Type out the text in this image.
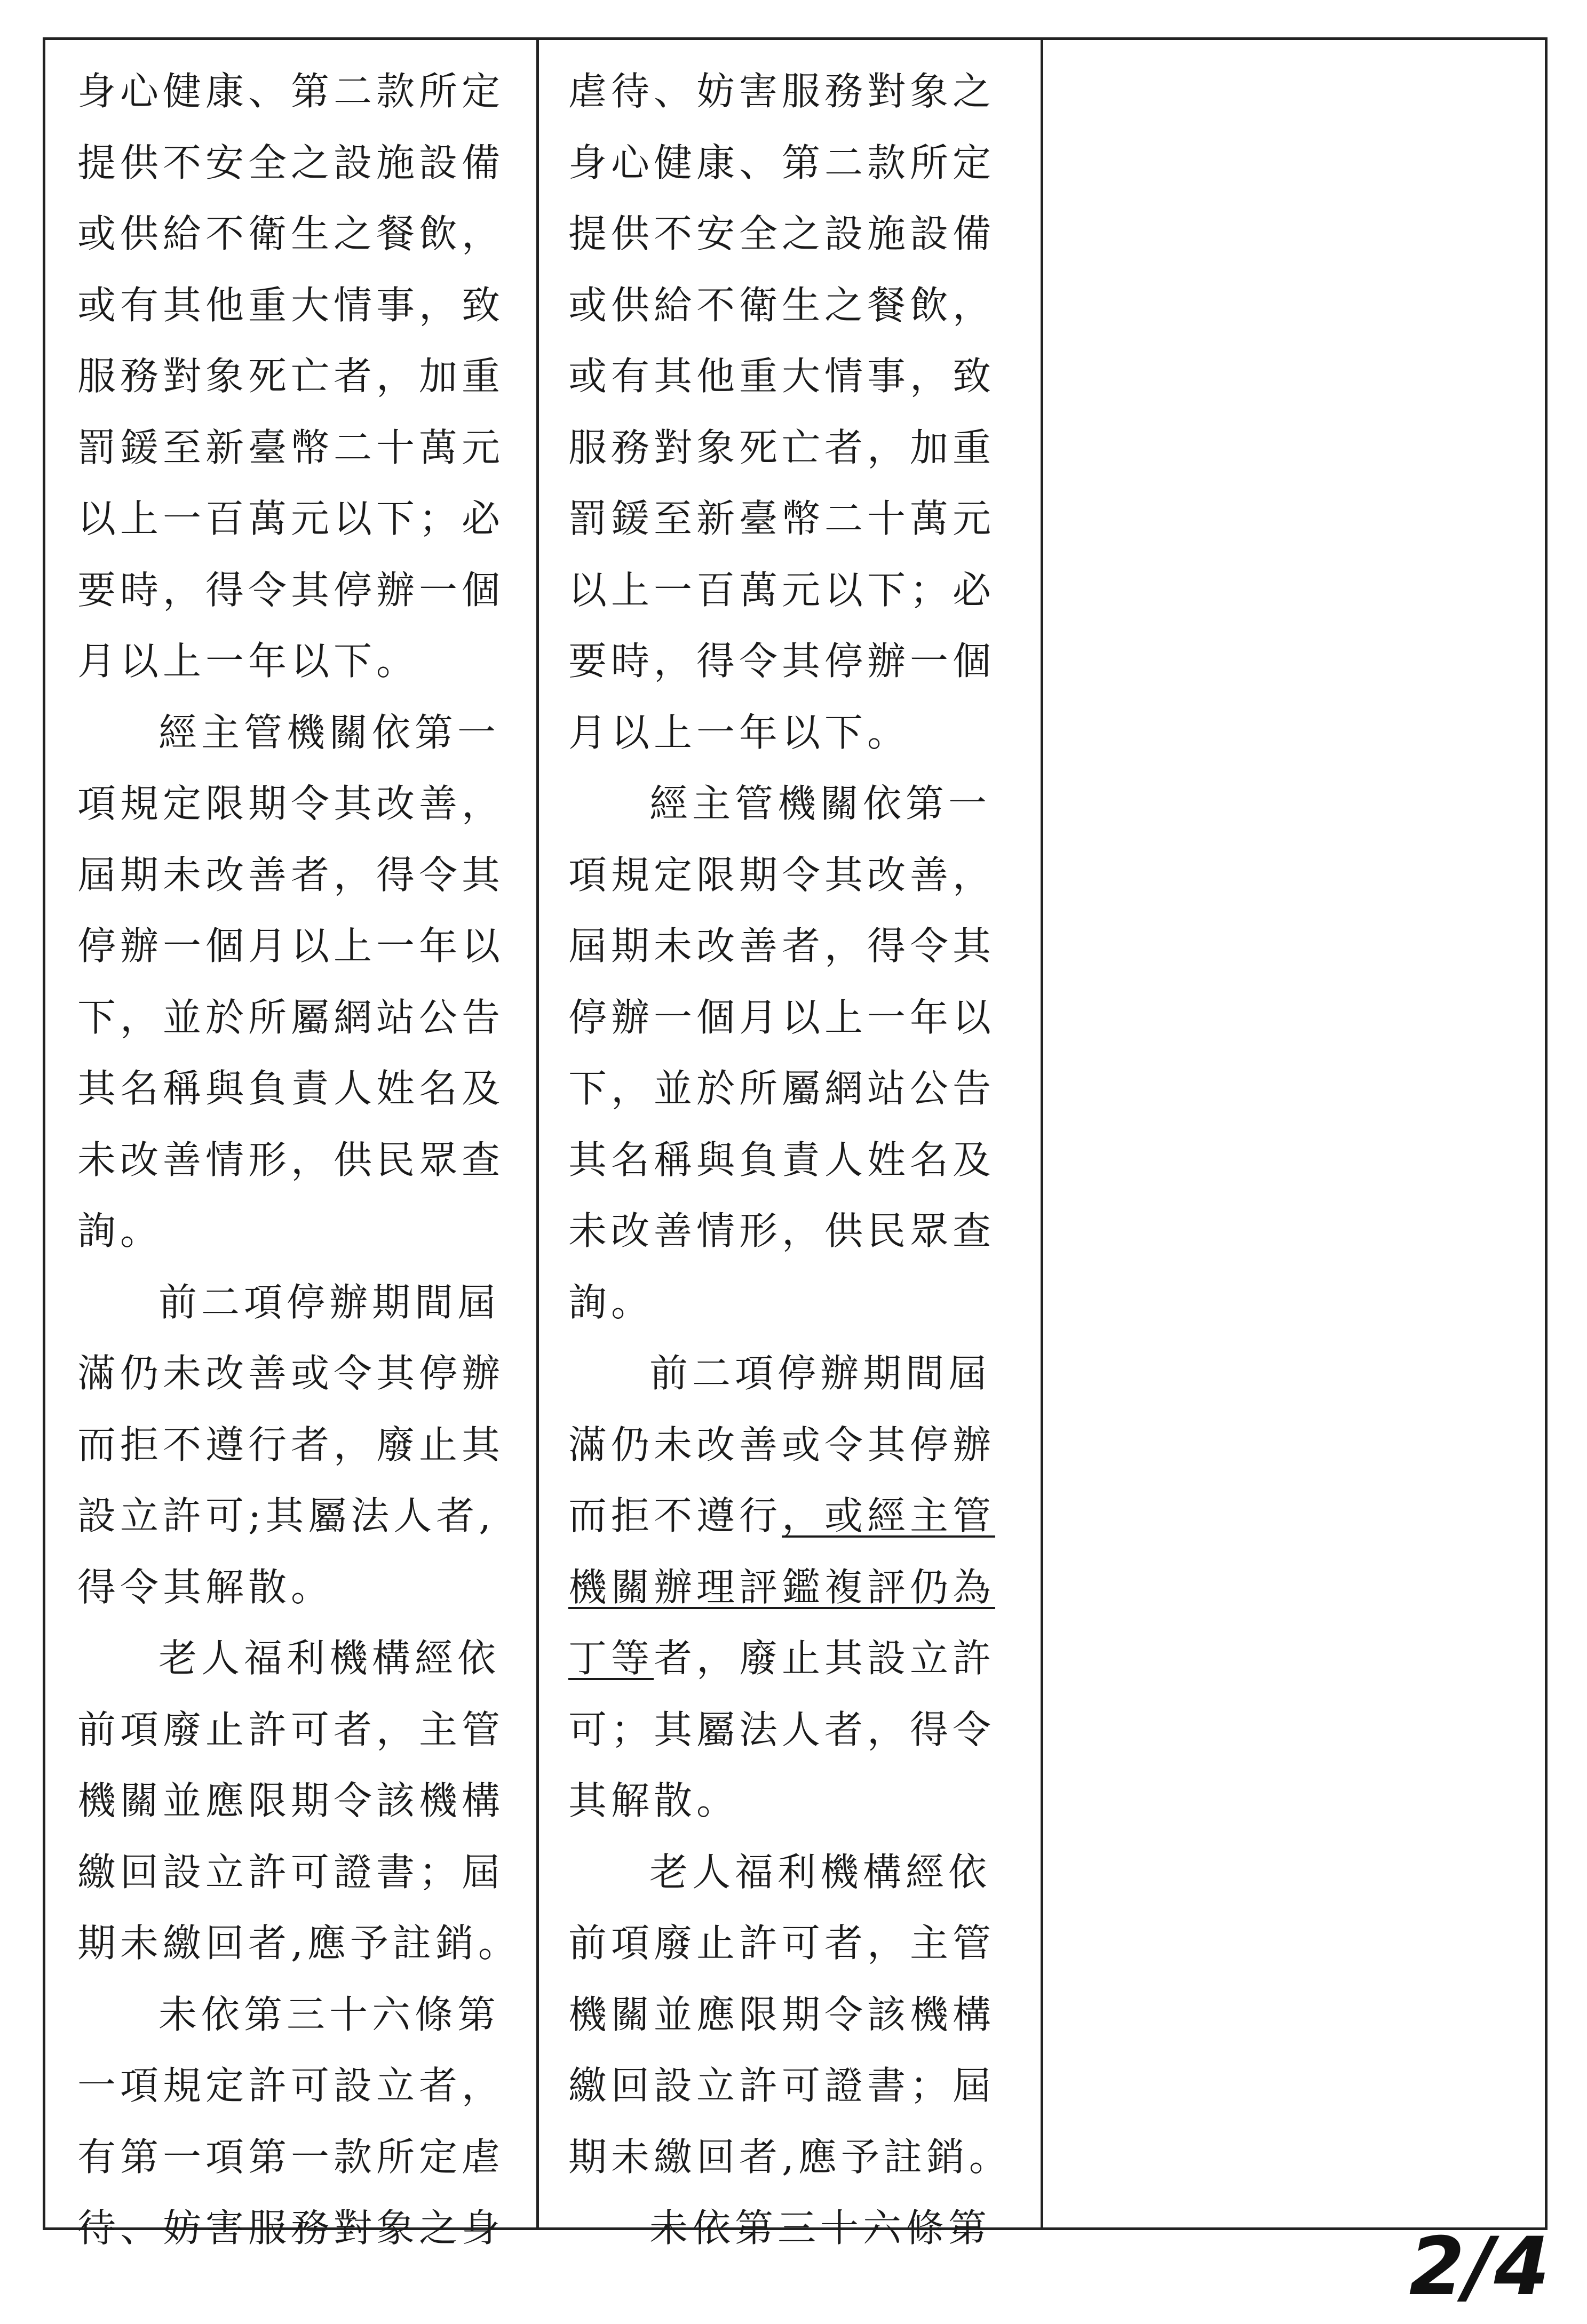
身心健康、第二款所定

提供不安全之設施設備

或供給不衛生之餐飲，

或有其他重大情事，致

服務對象死亡者，加重

罰鍰至新臺幣二十萬元

以上一百萬元以下；必

要時，得令其停辦一個

月以上一年以下。

經主管機關依第一

項規定限期令其改善，

屆期未改善者，得令其

停辦一個月以上一年以

下，並於所屬網站公告

其名稱與負責人姓名及

未改善情形，供民眾查

詢。

前二項停辦期間屆

滿仍未改善或令其停辦

而拒不遵行者，廢止其

設立許可;其屬法人者,

得令其解散。

老人福利機構經依

前項廢止許可者，主管

機關並應限期令該機構

繳回設立許可證書；屆

期未繳回者,應予註銷。

未依第三十六條第

一項規定許可設立者，

有第一項第一款所定虐

待、妨害服務對象之身

虐待、妨害服務對象之

身心健康、第二款所定

提供不安全之設施設備

或供給不衛生之餐飲，

或有其他重大情事，致

服務對象死亡者，加重

罰鍰至新臺幣二十萬元

以上一百萬元以下；必

要時，得令其停辦一個

月以上一年以下。

經主管機關依第一

項規定限期令其改善，

屆期未改善者，得令其

停辦一個月以上一年以

下，並於所屬網站公告

其名稱與負責人姓名及

未改善情形，供民眾查

詢。

前二項停辦期間屆

滿仍未改善或令其停辦

而拒不遵行，或經主管

機關辦理評鑑複評仍為

丁等者，廢止其設立許

可；其屬法人者，得令

其解散。

老人福利機構經依

前項廢止許可者，主管

機關並應限期令該機構

繳回設立許可證書；屆

期未繳回者,應予註銷。

未依第三十六條第	2/4
